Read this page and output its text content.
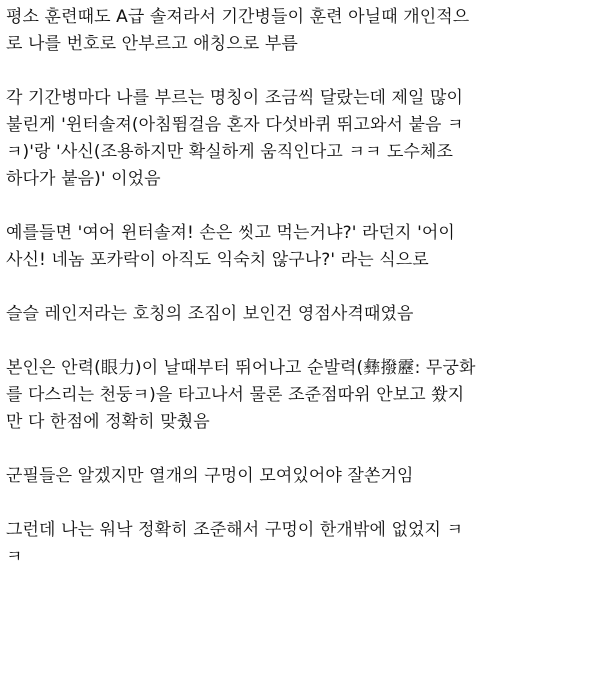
평소 훈련때도 A급 솔져라서 기간병들이 훈련 아닐때 개인적으
로 나를 번호로 안부르고 애칭으로 부름
각 기간병마다 나를 부르는 명칭이 조금씩 달랐는데 제일 많이
불린게 '윈터솔져(아침뜀걸음 혼자 다섯바퀴 뛰고와서 붙음 ㅋ
ㅋ)'랑 '사신(조용하지만 확실하게 움직인다고 ㅋㅋ 도수체조
하다가 붙음)' 이었음
예를들면 '여어 윈터솔져! 손은 씻고 먹는거냐?' 라던지 '어이
사신! 네놈 포카락이 아직도 익숙치 않구나?' 라는 식으로
슬슬 레인저라는 호칭의 조짐이 보인건 영점사격때였음
본인은 안력(眼力)이 날때부터 뛰어나고 순발력(彝撥靂: 무궁화
를 다스리는 천둥ㅋ)을 타고나서 물론 조준점따위 안보고 쐈지
만 다 한점에 정확히 맞췄음
군필들은 알겠지만 열개의 구멍이 모여있어야 잘쏜거임
그런데 나는 워낙 정확히 조준해서 구멍이 한개밖에 없었지 ㅋ
ㅋ
